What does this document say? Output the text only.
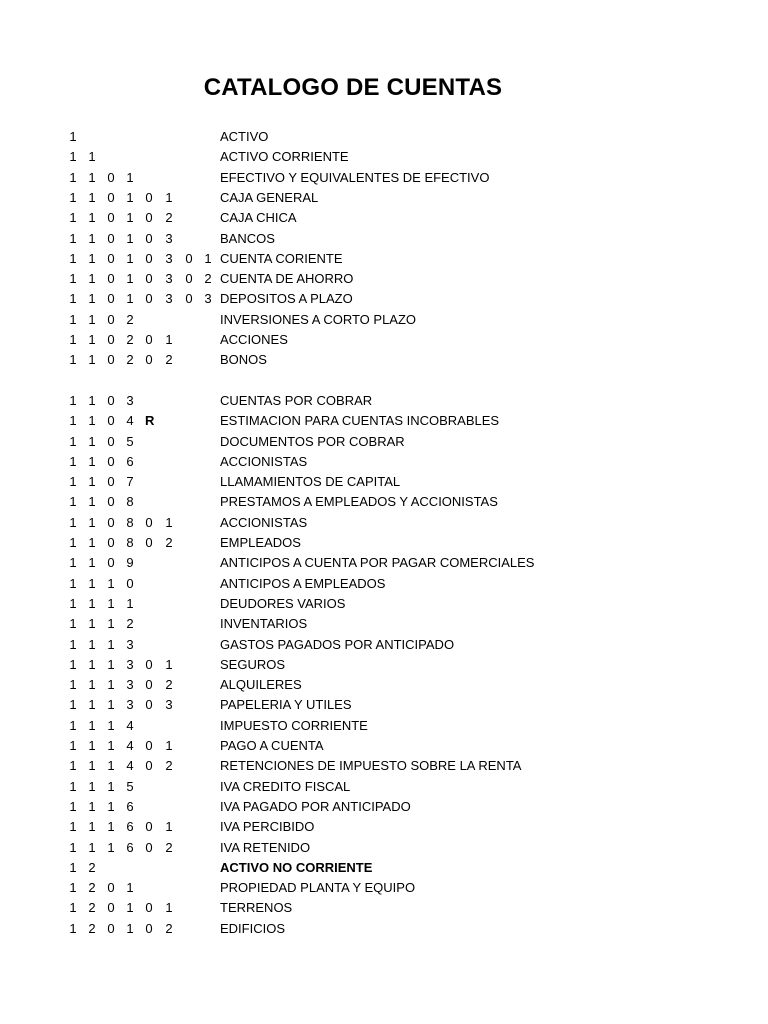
CATALOGO DE CUENTAS
1	ACTIVO
1 1	ACTIVO CORRIENTE
1 1 0 1	EFECTIVO Y EQUIVALENTES DE EFECTIVO
1 1 0 1 0 1	CAJA GENERAL
1 1 0 1 0 2	CAJA CHICA
1 1 0 1 0 3	BANCOS
1 1 0 1 0 3 0 1 CUENTA CORIENTE
1 1 0 1 0 3 0 2 CUENTA DE AHORRO
1 1 0 1 0 3 0 3 DEPOSITOS A PLAZO
1 1 0 2	INVERSIONES A CORTO PLAZO
1 1 0 2 0 1	ACCIONES
1 1 0 2 0 2	BONOS
1 1 0 3	CUENTAS POR COBRAR
1 1 0 4 R	ESTIMACION PARA CUENTAS INCOBRABLES
1 1 0 5	DOCUMENTOS POR COBRAR
1 1 0 6	ACCIONISTAS
1 1 0 7	LLAMAMIENTOS DE CAPITAL
1 1 0 8	PRESTAMOS A EMPLEADOS Y ACCIONISTAS
1 1 0 8 0 1	ACCIONISTAS
1 1 0 8 0 2	EMPLEADOS
1 1 0 9	ANTICIPOS A CUENTA POR PAGAR COMERCIALES
1 1 1 0	ANTICIPOS A EMPLEADOS
1 1 1 1	DEUDORES VARIOS
1 1 1 2	INVENTARIOS
1 1 1 3	GASTOS PAGADOS POR ANTICIPADO
1 1 1 3 0 1	SEGUROS
1 1 1 3 0 2	ALQUILERES
1 1 1 3 0 3	PAPELERIA Y UTILES
1 1 1 4	IMPUESTO CORRIENTE
1 1 1 4 0 1	PAGO A CUENTA
1 1 1 4 0 2	RETENCIONES DE IMPUESTO SOBRE LA RENTA
1 1 1 5	IVA CREDITO FISCAL
1 1 1 6	IVA PAGADO POR ANTICIPADO
1 1 1 6 0 1	IVA PERCIBIDO
1 1 1 6 0 2	IVA RETENIDO
1 2	ACTIVO NO CORRIENTE
1 2 0 1	PROPIEDAD PLANTA Y EQUIPO
1 2 0 1 0 1	TERRENOS
1 2 0 1 0 2	EDIFICIOS
